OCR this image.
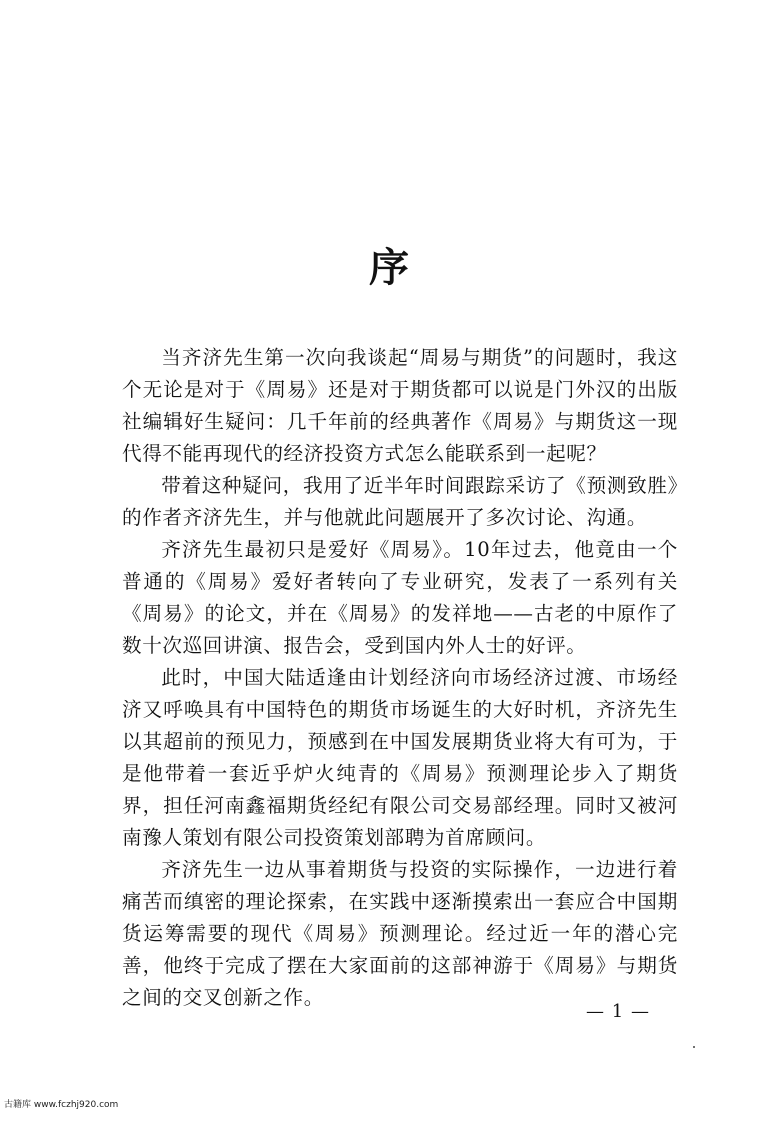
序

当齐济先生第一次向我谈起“周易与期货”的问题时，我这个无论是对于《周易》还是对于期货都可以说是门外汉的出版社编辑好生疑问：几千年前的经典著作《周易》与期货这一现代得不能再现代的经济投资方式怎么能联系到一起呢？

带着这种疑问，我用了近半年时间跟踪采访了《预测致胜》的作者齐济先生，并与他就此问题展开了多次讨论、沟通。

齐济先生最初只是爱好《周易》。10年过去，他竟由一个普通的《周易》爱好者转向了专业研究，发表了一系列有关《周易》的论文，并在《周易》的发祥地——古老的中原作了数十次巡回讲演、报告会，受到国内外人士的好评。

此时，中国大陆适逢由计划经济向市场经济过渡、市场经济又呼唤具有中国特色的期货市场诞生的大好时机，齐济先生以其超前的预见力，预感到在中国发展期货业将大有可为，于是他带着一套近乎炉火纯青的《周易》预测理论步入了期货界，担任河南鑫福期货经纪有限公司交易部经理。同时又被河南豫人策划有限公司投资策划部聘为首席顾问。

齐济先生一边从事着期货与投资的实际操作，一边进行着痛苦而缜密的理论探索，在实践中逐渐摸索出一套应合中国期货运筹需要的现代《周易》预测理论。经过近一年的潜心完善，他终于完成了摆在大家面前的这部神游于《周易》与期货之间的交叉创新之作。

— 1 —
古籍库 www.fczhj920.com
